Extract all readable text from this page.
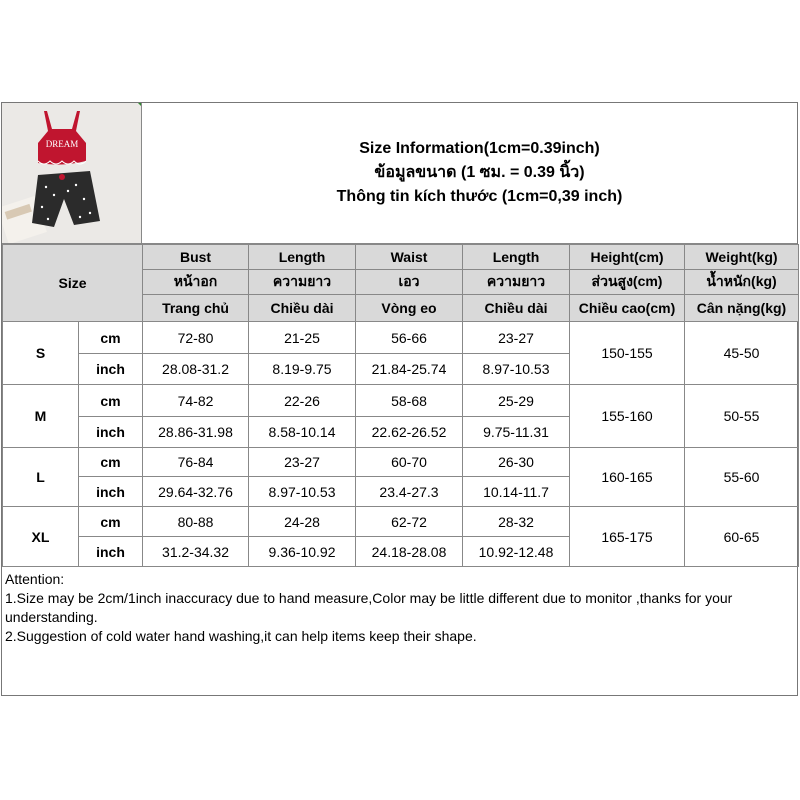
DREAM	Size Information(1cm=0.39inch)
ข้อมูลขนาด (1 ซม. = 0.39 นิ้ว)
Thông tin kích thước (1cm=0,39 inch)
Size		Bust	Length	Waist	Length	Height(cm)	Weight(kg)
		หน้าอก	ความยาว	เอว	ความยาว	ส่วนสูง(cm)	น้ำหนัก(kg)
		Trang chủ	Chiều dài	Vòng eo	Chiều dài	Chiều cao(cm)	Cân nặng(kg)
S	cm	72-80	21-25	56-66	23-27	150-155	45-50
	inch	28.08-31.2	8.19-9.75	21.84-25.74	8.97-10.53		
M	cm	74-82	22-26	58-68	25-29	155-160	50-55
	inch	28.86-31.98	8.58-10.14	22.62-26.52	9.75-11.31		
L	cm	76-84	23-27	60-70	26-30	160-165	55-60
	inch	29.64-32.76	8.97-10.53	23.4-27.3	10.14-11.7		
XL	cm	80-88	24-28	62-72	28-32	165-175	60-65
	inch	31.2-34.32	9.36-10.92	24.18-28.08	10.92-12.48		
Attention:
1.Size may be 2cm/1inch inaccuracy due to hand measure,Color may be little different due to monitor ,thanks for your
understanding.
2.Suggestion of cold water hand washing,it can help items keep their shape.
